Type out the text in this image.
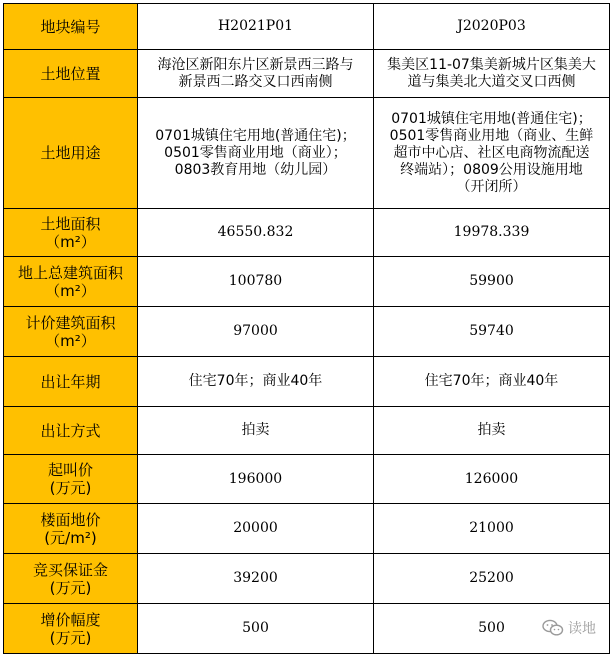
地块编号	H2021P01	J2020P03

土地位置	海沧区新阳东片区新景西三路与
新景西二路交叉口西南侧	集美区11-07集美新城片区集美大
道与集美北大道交叉口西侧

土地用途	0701城镇住宅用地(普通住宅)；
0501零售商业用地（商业）；
0803教育用地（幼儿园）	0701城镇住宅用地(普通住宅)；
0501零售商业用地（商业、生鲜
超市中心店、社区电商物流配送
终端站）；0809公用设施用地
（开闭所）

土地面积
（m²）	46550.832	19978.339

地上总建筑面积
（m²）	100780	59900

计价建筑面积
（m²）	97000	59740

出让年期	住宅70年；商业40年	住宅70年；商业40年

出让方式	拍卖	拍卖

起叫价
(万元)	196000	126000

楼面地价
(元/m²)	20000	21000

竞买保证金
(万元)	39200	25200

增价幅度
(万元)	500	500	读地
